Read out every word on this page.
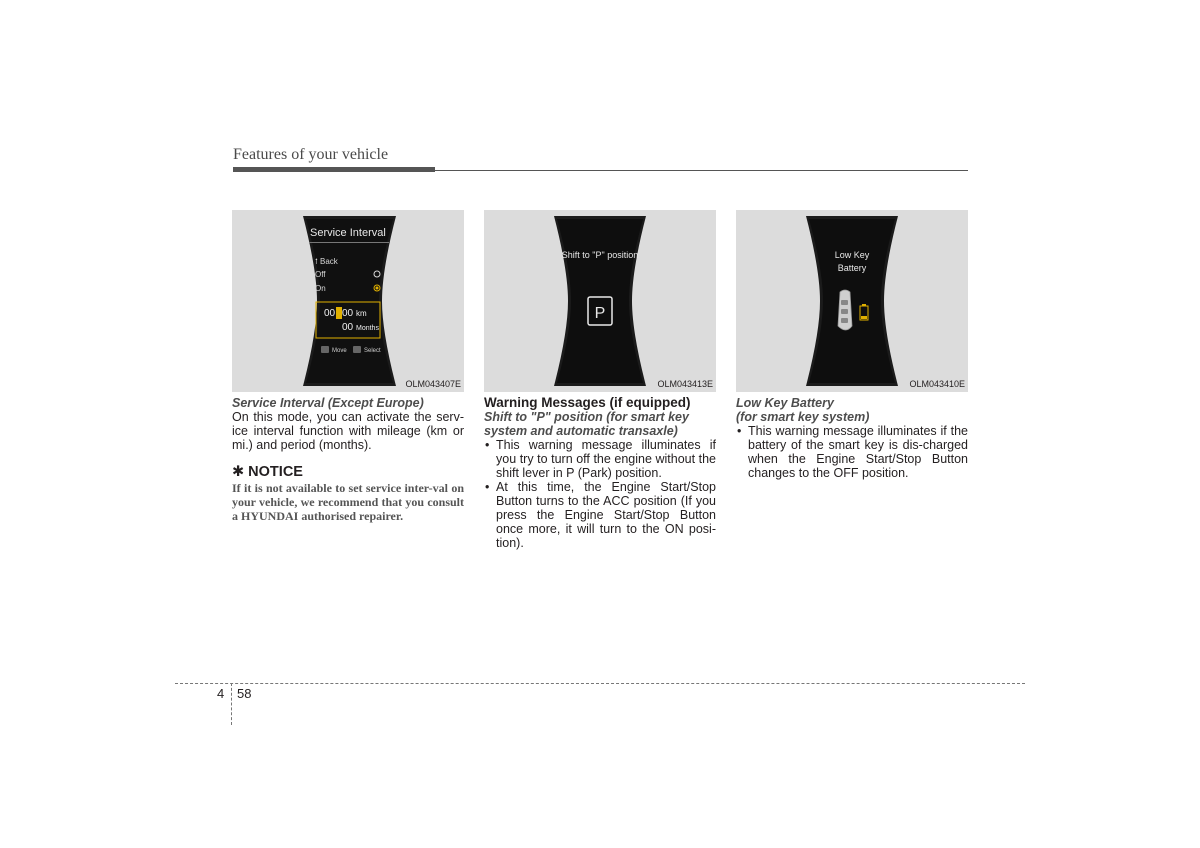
Features of your vehicle
Service Interval
⭫ Back
Off
On
00 00 km
00 Months
Move	Select
OLM043407E
Shift to "P" position
P
OLM043413E
Low Key
Battery
OLM043410E
Service Interval (Except Europe)
On this mode, you can activate the serv-ice interval function with mileage (km or mi.) and period (months).
✱ NOTICE
If it is not available to set service inter-val on your vehicle, we recommend that you consult a HYUNDAI authorised repairer.
Warning Messages (if equipped)
Shift to "P" position (for smart key system and automatic transaxle)
• This warning message illuminates if you try to turn off the engine without the shift lever in P (Park) position.
• At this time, the Engine Start/Stop Button turns to the ACC position (If you press the Engine Start/Stop Button once more, it will turn to the ON posi-tion).
Low Key Battery
(for smart key system)
• This warning message illuminates if the battery of the smart key is dis-charged when the Engine Start/Stop Button changes to the OFF position.
4 58
